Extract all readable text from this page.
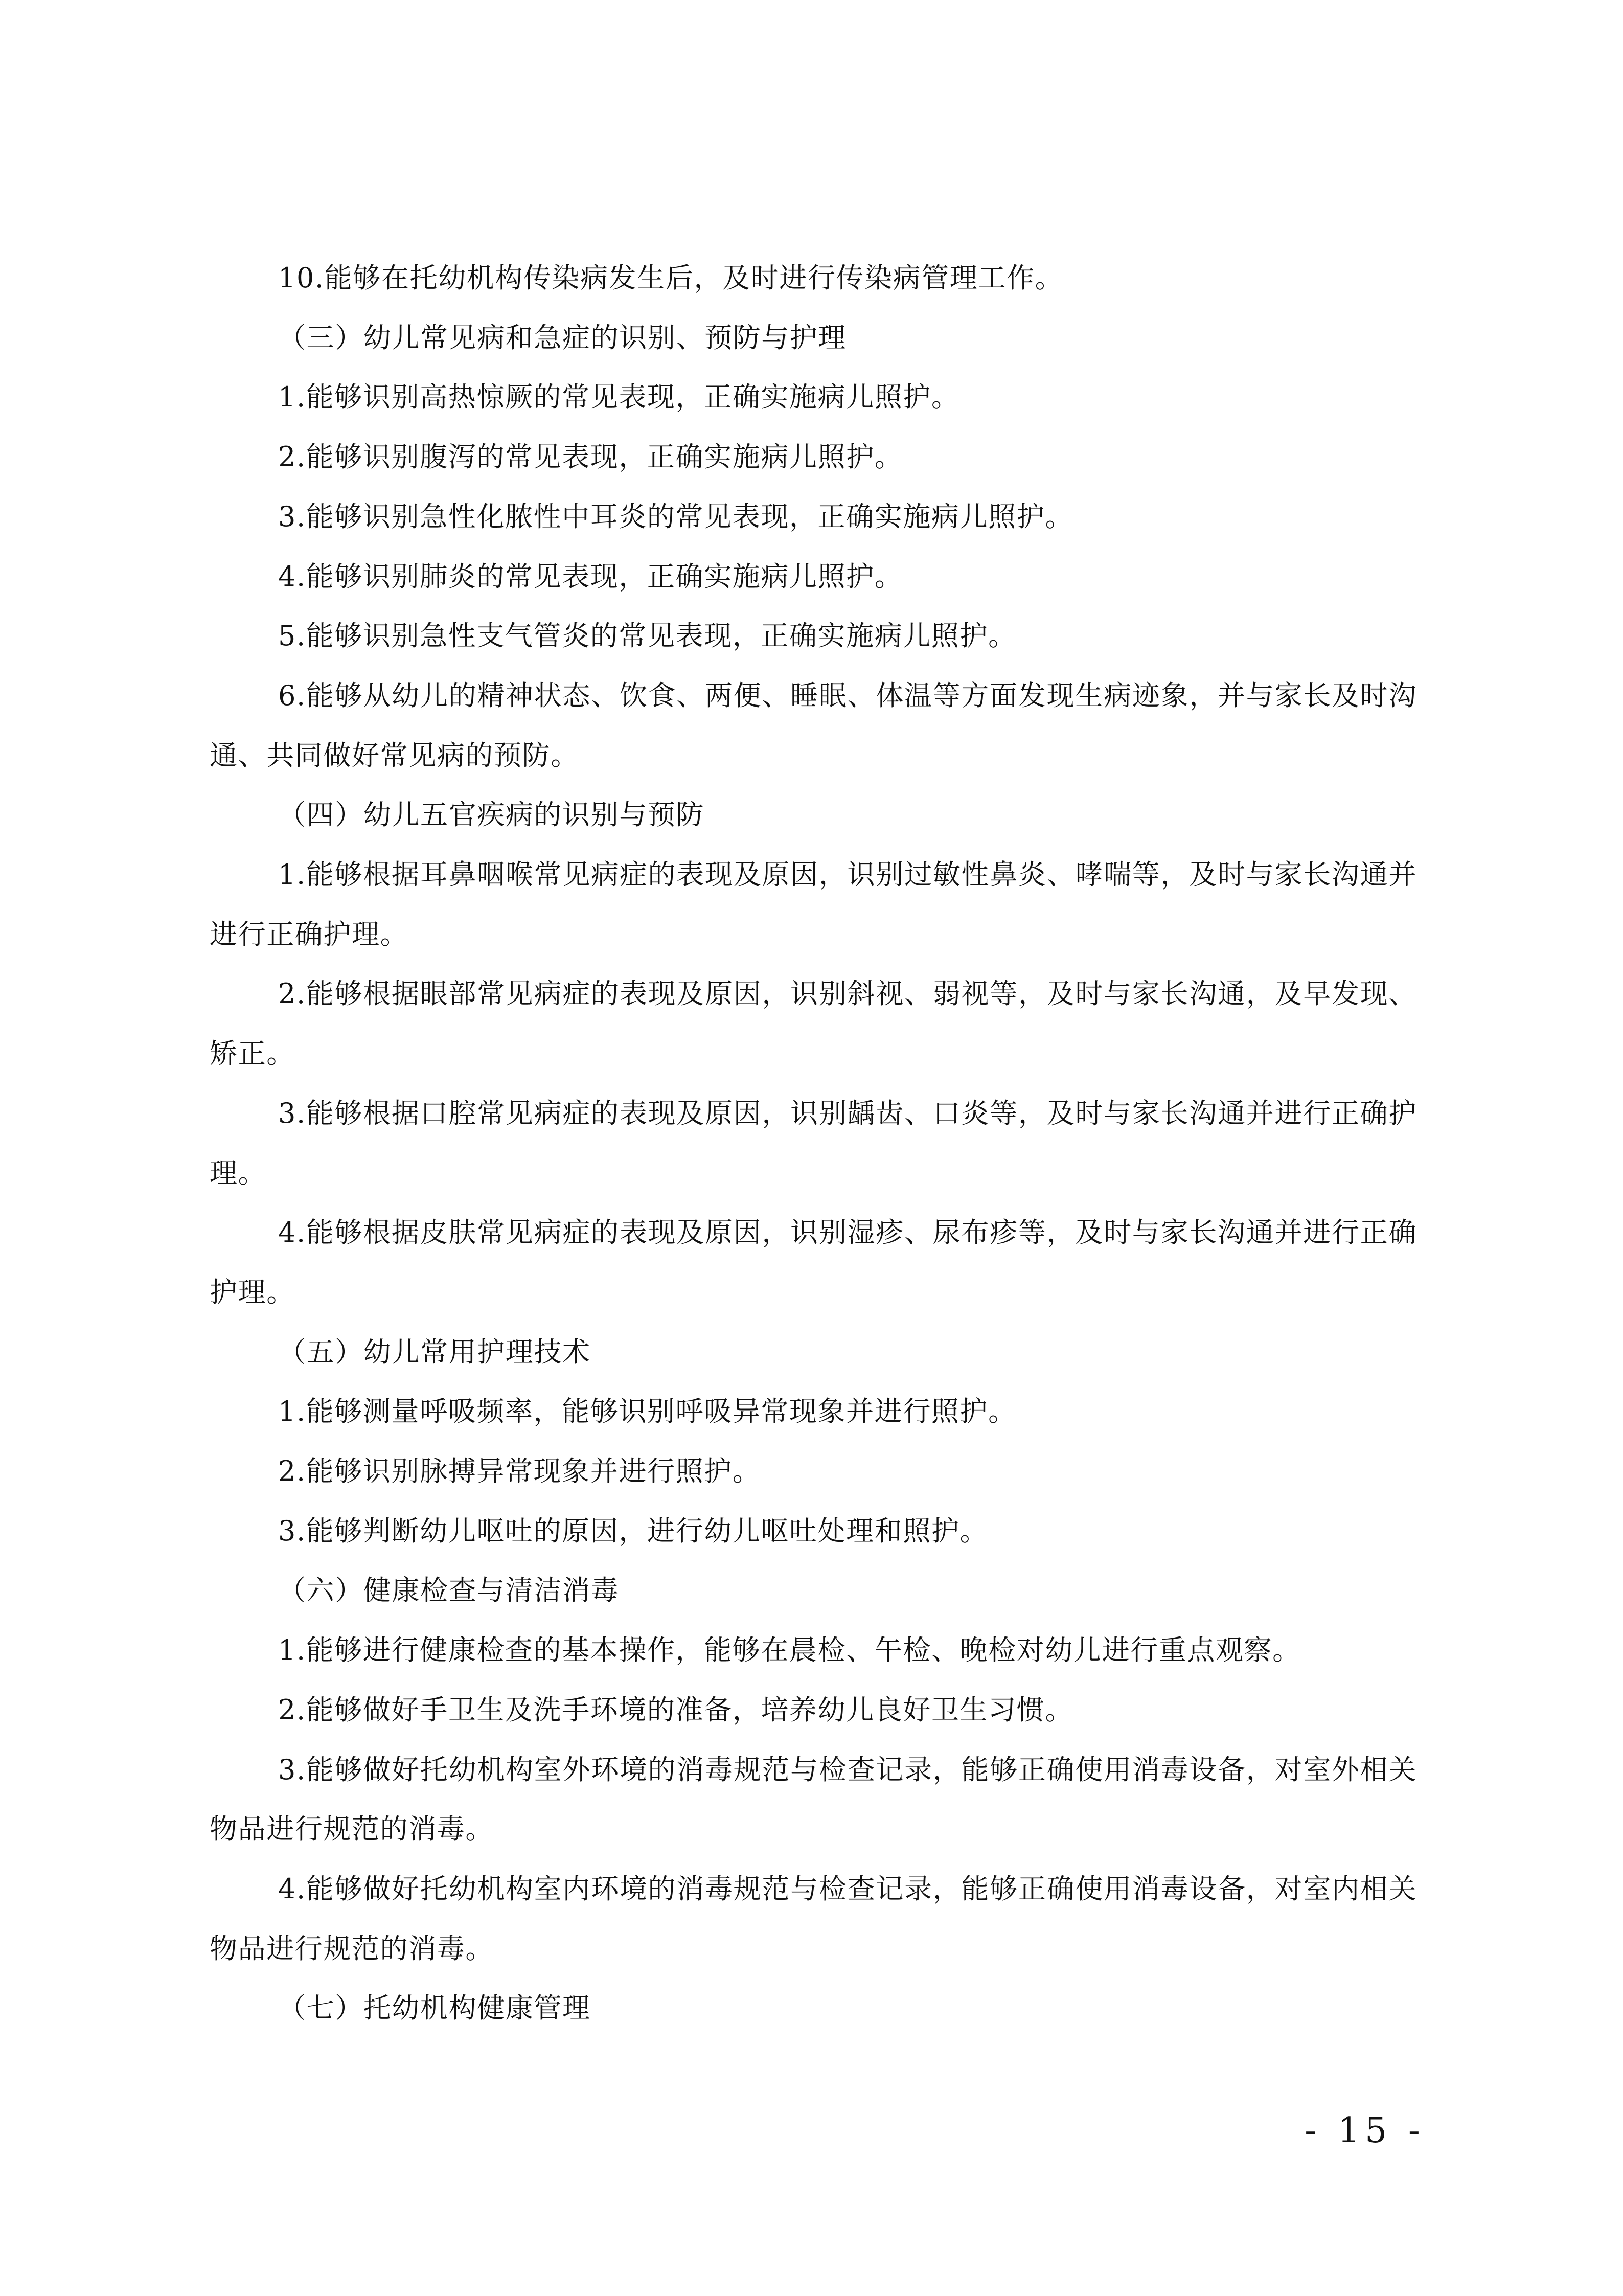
10.能够在托幼机构传染病发生后，及时进行传染病管理工作。

（三）幼儿常见病和急症的识别、预防与护理

1.能够识别高热惊厥的常见表现，正确实施病儿照护。

2.能够识别腹泻的常见表现，正确实施病儿照护。

3.能够识别急性化脓性中耳炎的常见表现，正确实施病儿照护。

4.能够识别肺炎的常见表现，正确实施病儿照护。

5.能够识别急性支气管炎的常见表现，正确实施病儿照护。

6.能够从幼儿的精神状态、饮食、两便、睡眠、体温等方面发现生病迹象，并与家长及时沟通、共同做好常见病的预防。

（四）幼儿五官疾病的识别与预防

1.能够根据耳鼻咽喉常见病症的表现及原因，识别过敏性鼻炎、哮喘等，及时与家长沟通并进行正确护理。

2.能够根据眼部常见病症的表现及原因，识别斜视、弱视等，及时与家长沟通，及早发现、矫正。

3.能够根据口腔常见病症的表现及原因，识别龋齿、口炎等，及时与家长沟通并进行正确护理。

4.能够根据皮肤常见病症的表现及原因，识别湿疹、尿布疹等，及时与家长沟通并进行正确护理。

（五）幼儿常用护理技术

1.能够测量呼吸频率，能够识别呼吸异常现象并进行照护。

2.能够识别脉搏异常现象并进行照护。

3.能够判断幼儿呕吐的原因，进行幼儿呕吐处理和照护。

（六）健康检查与清洁消毒

1.能够进行健康检查的基本操作，能够在晨检、午检、晚检对幼儿进行重点观察。

2.能够做好手卫生及洗手环境的准备，培养幼儿良好卫生习惯。

3.能够做好托幼机构室外环境的消毒规范与检查记录，能够正确使用消毒设备，对室外相关物品进行规范的消毒。

4.能够做好托幼机构室内环境的消毒规范与检查记录，能够正确使用消毒设备，对室内相关物品进行规范的消毒。

（七）托幼机构健康管理

- 15 -
